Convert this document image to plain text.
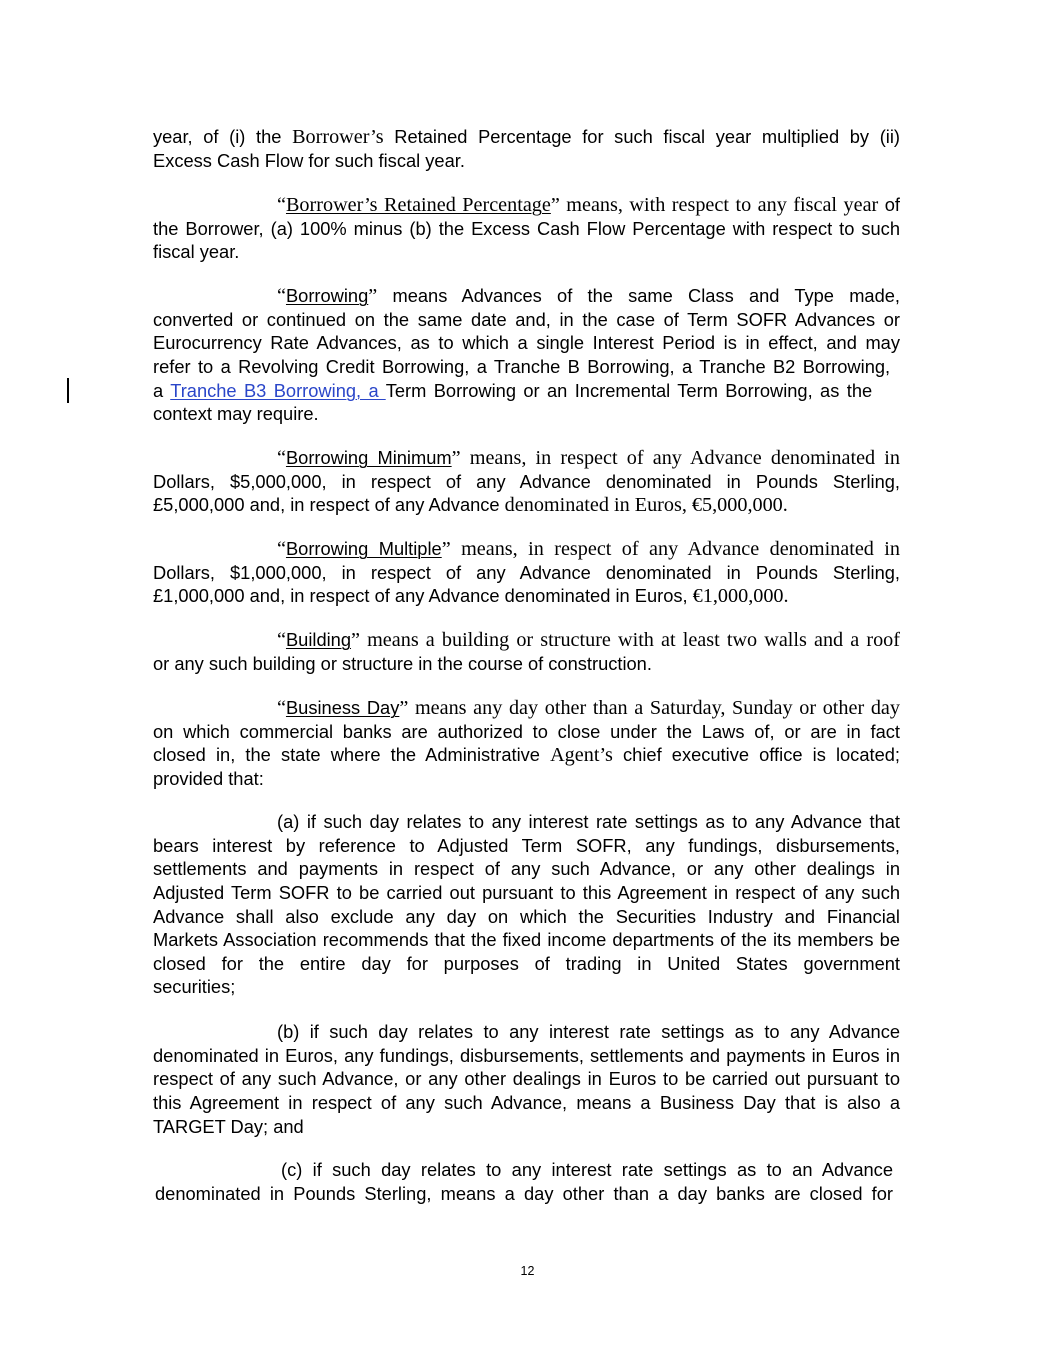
year, of (i) the Borrower’s Retained Percentage for such fiscal year multiplied by (ii)
Excess Cash Flow for such fiscal year.
“Borrower’s Retained Percentage” means, with respect to any fiscal year of
the Borrower, (a) 100% minus (b) the Excess Cash Flow Percentage with respect to such
fiscal year.
“Borrowing” means Advances of the same Class and Type made,
converted or continued on the same date and, in the case of Term SOFR Advances or
Eurocurrency Rate Advances, as to which a single Interest Period is in effect, and may
refer to a Revolving Credit Borrowing, a Tranche B Borrowing, a Tranche B2 Borrowing,
a Tranche B3 Borrowing, a Term Borrowing or an Incremental Term Borrowing, as the
context may require.
“Borrowing Minimum” means, in respect of any Advance denominated in
Dollars, $5,000,000, in respect of any Advance denominated in Pounds Sterling,
£5,000,000 and, in respect of any Advance denominated in Euros, €5,000,000.
“Borrowing Multiple” means, in respect of any Advance denominated in
Dollars, $1,000,000, in respect of any Advance denominated in Pounds Sterling,
£1,000,000 and, in respect of any Advance denominated in Euros, €1,000,000.
“Building” means a building or structure with at least two walls and a roof
or any such building or structure in the course of construction.
“Business Day” means any day other than a Saturday, Sunday or other day
on which commercial banks are authorized to close under the Laws of, or are in fact
closed in, the state where the Administrative Agent’s chief executive office is located;
provided that:
(a) if such day relates to any interest rate settings as to any Advance that
bears interest by reference to Adjusted Term SOFR, any fundings, disbursements,
settlements and payments in respect of any such Advance, or any other dealings in
Adjusted Term SOFR to be carried out pursuant to this Agreement in respect of any such
Advance shall also exclude any day on which the Securities Industry and Financial
Markets Association recommends that the fixed income departments of the its members be
closed for the entire day for purposes of trading in United States government
securities;
(b) if such day relates to any interest rate settings as to any Advance
denominated in Euros, any fundings, disbursements, settlements and payments in Euros in
respect of any such Advance, or any other dealings in Euros to be carried out pursuant to
this Agreement in respect of any such Advance, means a Business Day that is also a
TARGET Day; and
(c) if such day relates to any interest rate settings as to an Advance
denominated in Pounds Sterling, means a day other than a day banks are closed for
12
